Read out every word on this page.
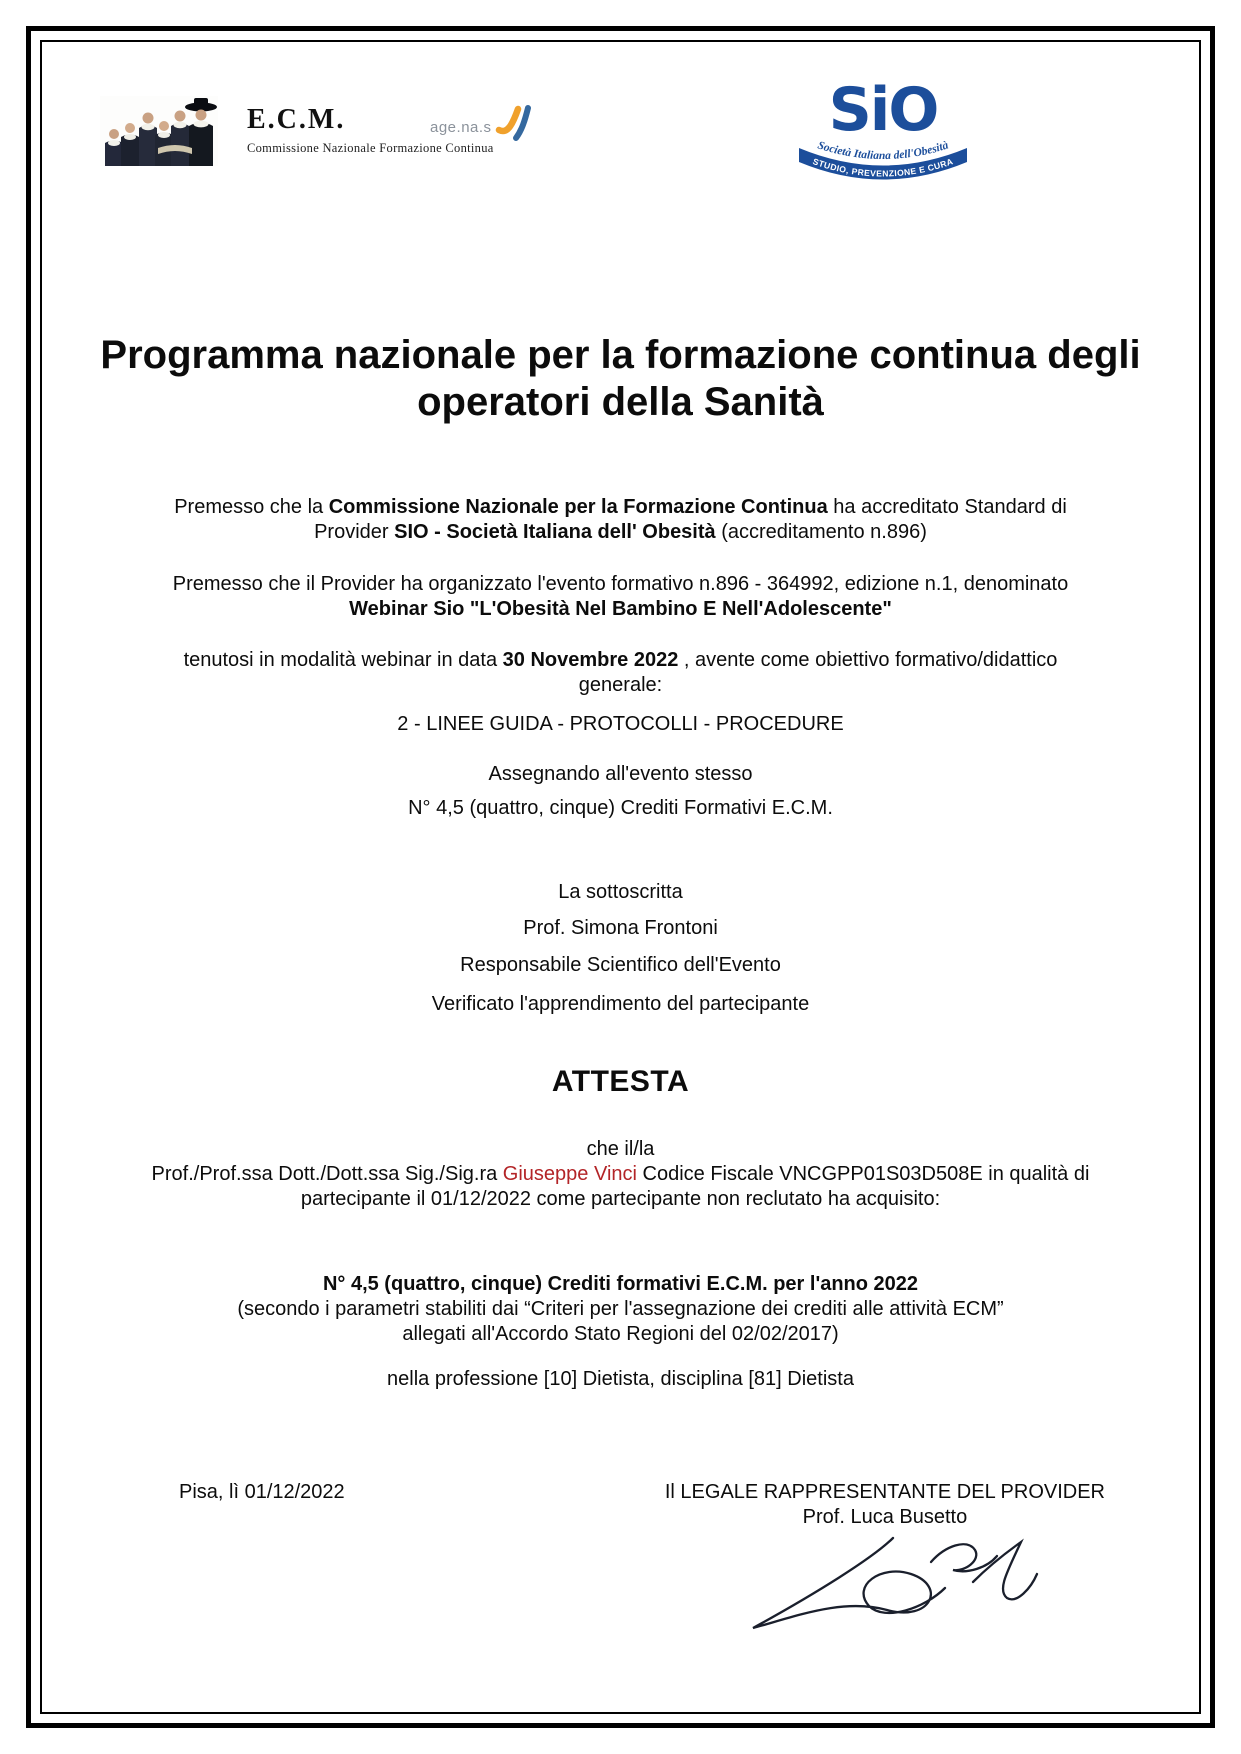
E.C.M.
Commissione Nazionale Formazione Continua
age.na.s	SiO
Società Italiana dell'Obesità
STUDIO, PREVENZIONE E CURA
Programma nazionale per la formazione continua degli
operatori della Sanità
Premesso che la Commissione Nazionale per la Formazione Continua ha accreditato Standard di
Provider SIO - Società Italiana dell' Obesità (accreditamento n.896)
Premesso che il Provider ha organizzato l'evento formativo n.896 - 364992, edizione n.1, denominato
Webinar Sio "L'Obesità Nel Bambino E Nell'Adolescente"
tenutosi in modalità webinar in data 30 Novembre 2022 , avente come obiettivo formativo/didattico
generale:
2 - LINEE GUIDA - PROTOCOLLI - PROCEDURE
Assegnando all'evento stesso
N° 4,5 (quattro, cinque) Crediti Formativi E.C.M.
La sottoscritta
Prof. Simona Frontoni
Responsabile Scientifico dell'Evento
Verificato l'apprendimento del partecipante
ATTESTA
che il/la
Prof./Prof.ssa Dott./Dott.ssa Sig./Sig.ra Giuseppe Vinci Codice Fiscale VNCGPP01S03D508E in qualità di
partecipante il 01/12/2022 come partecipante non reclutato ha acquisito:
N° 4,5 (quattro, cinque) Crediti formativi E.C.M. per l'anno 2022
(secondo i parametri stabiliti dai “Criteri per l'assegnazione dei crediti alle attività ECM”
allegati all'Accordo Stato Regioni del 02/02/2017)
nella professione [10] Dietista, disciplina [81] Dietista
Pisa, lì 01/12/2022	Il LEGALE RAPPRESENTANTE DEL PROVIDER
Prof. Luca Busetto
